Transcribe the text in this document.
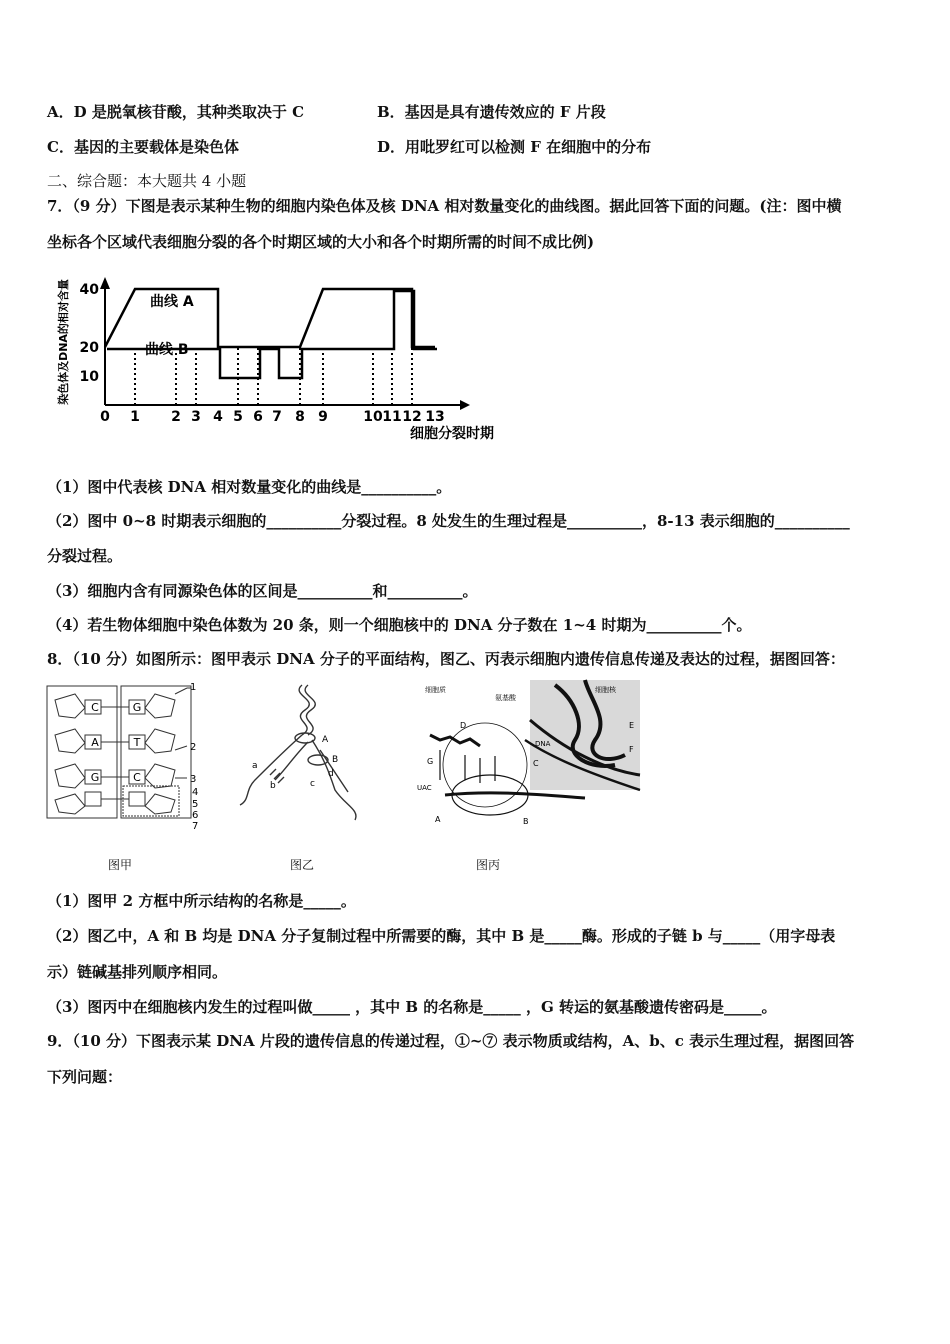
A．D 是脱氧核苷酸，其种类取决于 C	B．基因是具有遗传效应的 F 片段
C．基因的主要载体是染色体	D．用吡罗红可以检测 F 在细胞中的分布
二、综合题：本大题共 4 小题
7．（9 分）下图是表示某种生物的细胞内染色体及核 DNA 相对数量变化的曲线图。据此回答下面的问题。(注：图中横
坐标各个区域代表细胞分裂的各个时期区域的大小和各个时期所需的时间不成比例)
染色体及DNA的相对含量
细胞分裂时期
10
20
40
0 1 2 3 4 5 6 7 8 9	10 11 12 13
曲线 A
曲线 B
（1）图中代表核 DNA 相对数量变化的曲线是__________。
（2）图中 0~8 时期表示细胞的__________分裂过程。8 处发生的生理过程是__________，8-13 表示细胞的__________
分裂过程。
（3）细胞内含有同源染色体的区间是__________和__________。
（4）若生物体细胞中染色体数为 20 条，则一个细胞核中的 DNA 分子数在 1~4 时期为__________个。
8．（10 分）如图所示：图甲表示 DNA 分子的平面结构，图乙、丙表示细胞内遗传信息传递及表达的过程，据图回答：
C
A
G
G
T
C
1
2
3
4
5
6
7
图甲
A
B
a
b	c
d
图乙
细胞质
氨基酸
细胞核
D
G	C
A	B
E
F
DNA
UAC
图丙
（1）图甲 2 方框中所示结构的名称是_____。
（2）图乙中，A 和 B 均是 DNA 分子复制过程中所需要的酶，其中 B 是_____酶。形成的子链 b 与_____（用字母表
示）链碱基排列顺序相同。
（3）图丙中在细胞核内发生的过程叫做_____ ，其中 B 的名称是_____ ，G 转运的氨基酸遗传密码是_____。
9．（10 分）下图表示某 DNA 片段的遗传信息的传递过程，①~⑦ 表示物质或结构，A、b、c 表示生理过程，据图回答
下列问题：
